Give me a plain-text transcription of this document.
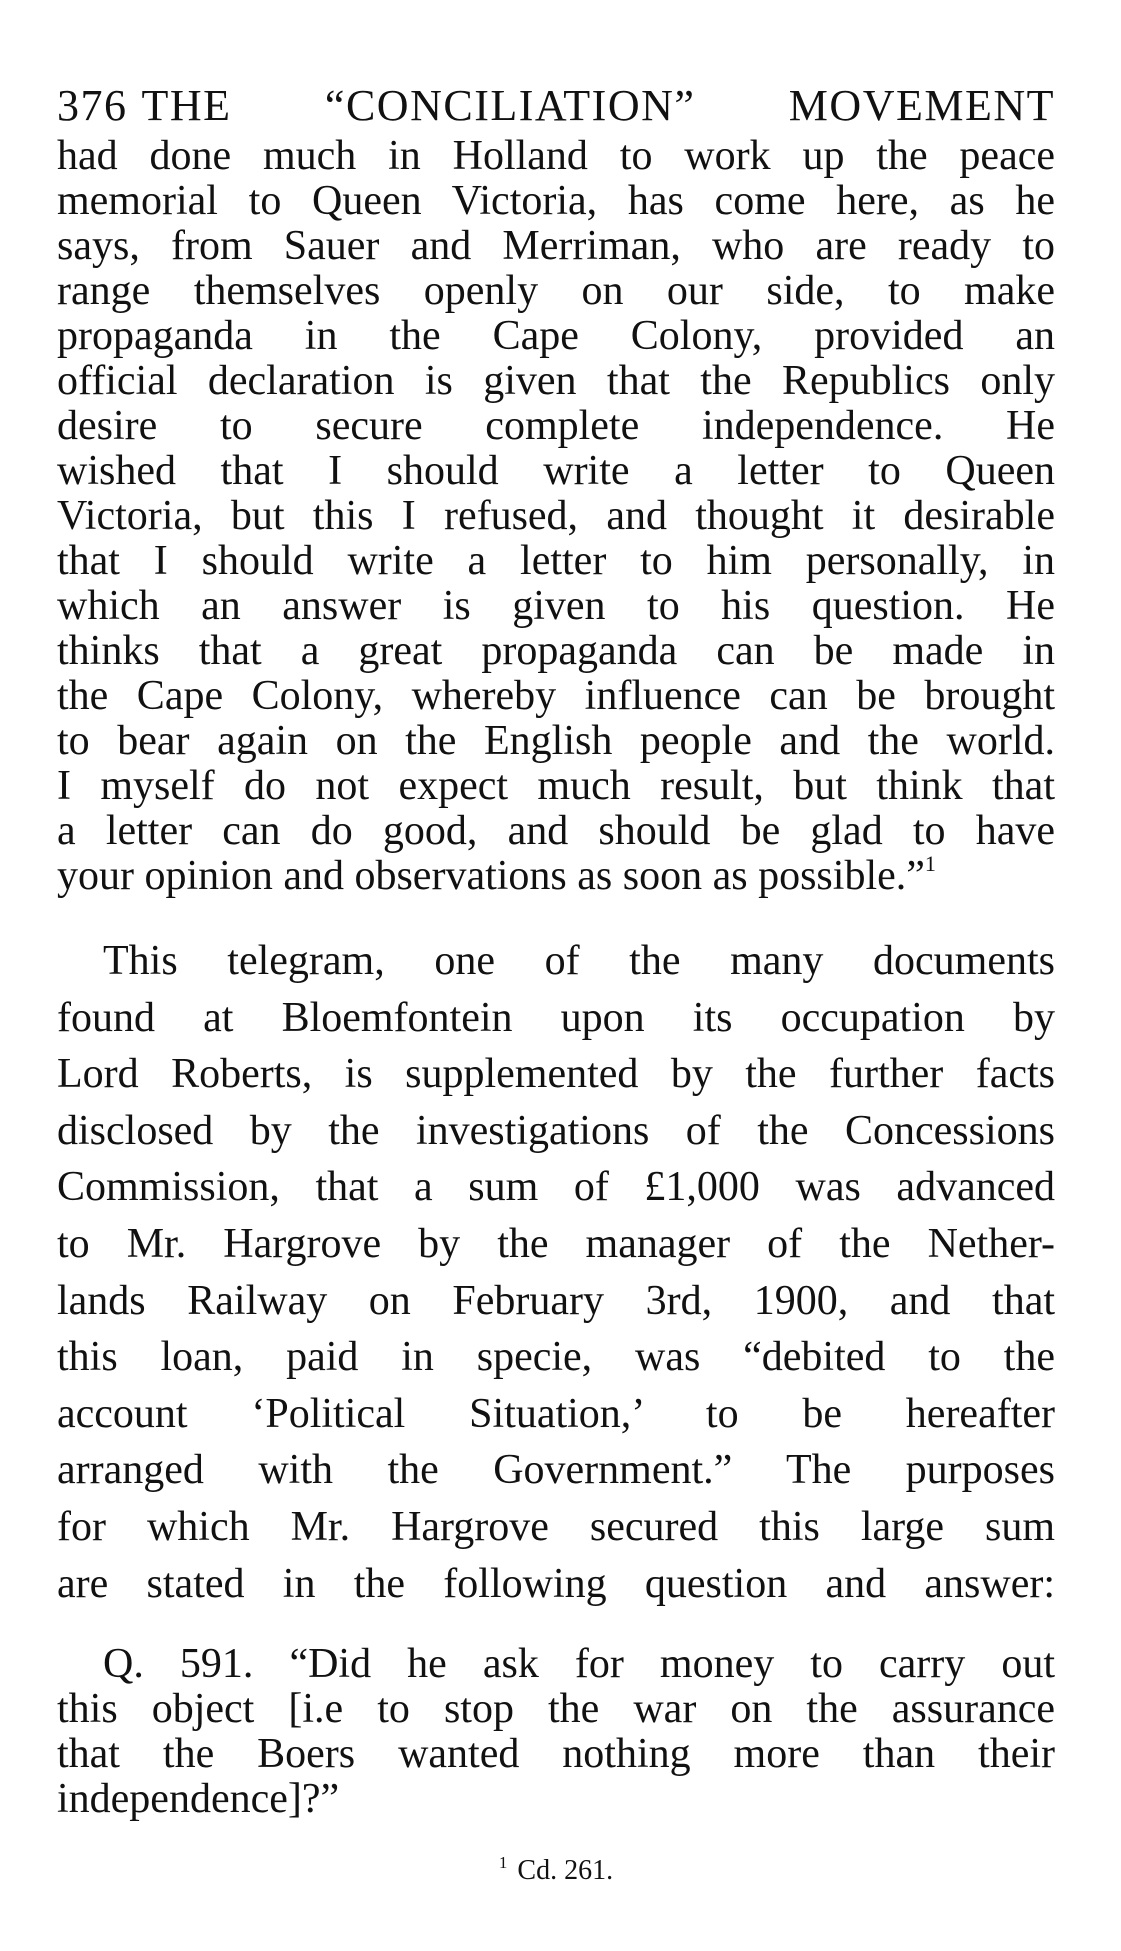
376 THE “CONCILIATION” MOVEMENT
had done much in Holland to work up the peace
memorial to Queen Victoria, has come here, as he
says, from Sauer and Merriman, who are ready to
range themselves openly on our side, to make
propaganda in the Cape Colony, provided an
official declaration is given that the Republics only
desire to secure complete independence. He
wished that I should write a letter to Queen
Victoria, but this I refused, and thought it desirable
that I should write a letter to him personally, in
which an answer is given to his question. He
thinks that a great propaganda can be made in
the Cape Colony, whereby influence can be brought
to bear again on the English people and the world.
I myself do not expect much result, but think that
a letter can do good, and should be glad to have
your opinion and observations as soon as possible.”$^1$
This telegram, one of the many documents
found at Bloemfontein upon its occupation by
Lord Roberts, is supplemented by the further facts
disclosed by the investigations of the Concessions
Commission, that a sum of £1,000 was advanced
to Mr. Hargrove by the manager of the Nether-
lands Railway on February 3rd, 1900, and that
this loan, paid in specie, was “debited to the
account ‘Political Situation,’ to be hereafter
arranged with the Government.” The purposes
for which Mr. Hargrove secured this large sum
are stated in the following question and answer:
Q. 591. “Did he ask for money to carry out
this object [i.e to stop the war on the assurance
that the Boers wanted nothing more than their
independence]?”
$^1$ Cd. 261.
